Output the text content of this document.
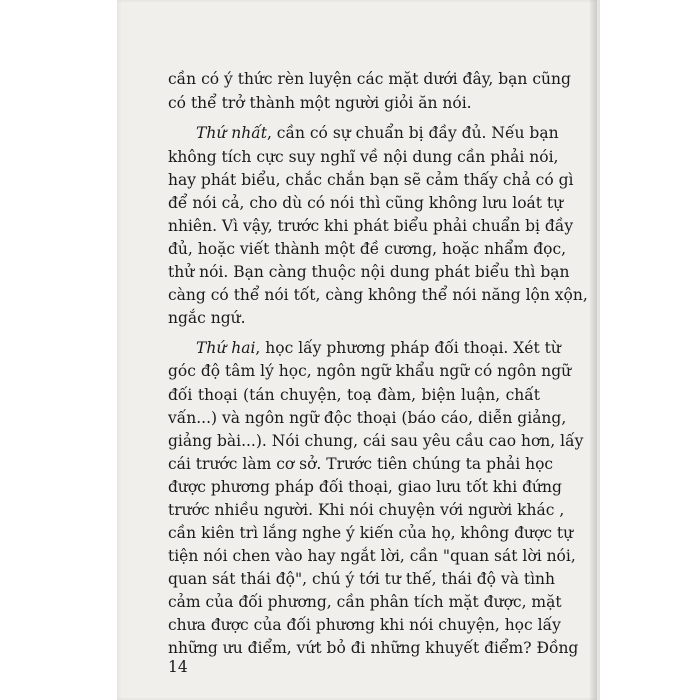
cần có ý thức rèn luyện các mặt dưới đây, bạn cũng
có thể trở thành một người giỏi ăn nói.
Thứ nhất, cần có sự chuẩn bị đầy đủ. Nếu bạn
không tích cực suy nghĩ về nội dung cần phải nói,
hay phát biểu, chắc chắn bạn sẽ cảm thấy chả có gì
để nói cả, cho dù có nói thì cũng không lưu loát tự
nhiên. Vì vậy, trước khi phát biểu phải chuẩn bị đầy
đủ, hoặc viết thành một đề cương, hoặc nhẩm đọc,
thử nói. Bạn càng thuộc nội dung phát biểu thì bạn
càng có thể nói tốt, càng không thể nói năng lộn xộn,
ngắc ngứ.
Thứ hai, học lấy phương pháp đối thoại. Xét từ
góc độ tâm lý học, ngôn ngữ khẩu ngữ có ngôn ngữ
đối thoại (tán chuyện, toạ đàm, biện luận, chất
vấn...) và ngôn ngữ độc thoại (báo cáo, diễn giảng,
giảng bài...). Nói chung, cái sau yêu cầu cao hơn, lấy
cái trước làm cơ sở. Trước tiên chúng ta phải học
được phương pháp đối thoại, giao lưu tốt khi đứng
trước nhiều người. Khi nói chuyện với người khác ,
cần kiên trì lắng nghe ý kiến của họ, không được tự
tiện nói chen vào hay ngắt lời, cần "quan sát lời nói,
quan sát thái độ", chú ý tới tư thế, thái độ và tình
cảm của đối phương, cần phân tích mặt được, mặt
chưa được của đối phương khi nói chuyện, học lấy
những ưu điểm, vứt bỏ đi những khuyết điểm? Đồng
14
